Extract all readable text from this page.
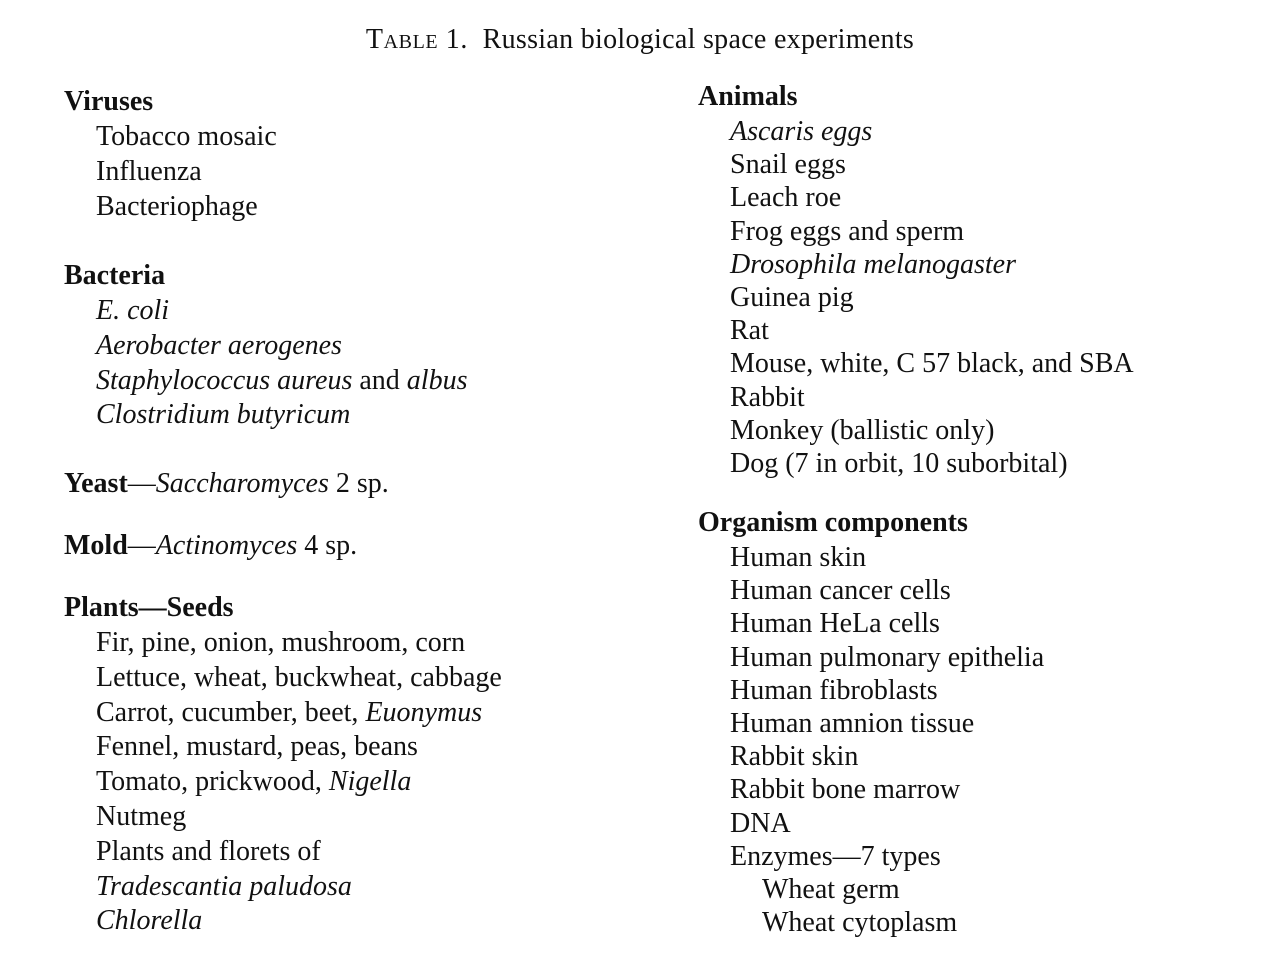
Table 1. Russian biological space experiments
Viruses
Tobacco mosaic
Influenza
Bacteriophage
Bacteria
E. coli
Aerobacter aerogenes
Staphylococcus aureus and albus
Clostridium butyricum
Yeast—Saccharomyces 2 sp.
Mold—Actinomyces 4 sp.
Plants—Seeds
Fir, pine, onion, mushroom, corn
Lettuce, wheat, buckwheat, cabbage
Carrot, cucumber, beet, Euonymus
Fennel, mustard, peas, beans
Tomato, prickwood, Nigella
Nutmeg
Plants and florets of
Tradescantia paludosa
Chlorella
Animals
Ascaris eggs
Snail eggs
Leach roe
Frog eggs and sperm
Drosophila melanogaster
Guinea pig
Rat
Mouse, white, C 57 black, and SBA
Rabbit
Monkey (ballistic only)
Dog (7 in orbit, 10 suborbital)
Organism components
Human skin
Human cancer cells
Human HeLa cells
Human pulmonary epithelia
Human fibroblasts
Human amnion tissue
Rabbit skin
Rabbit bone marrow
DNA
Enzymes—7 types
Wheat germ
Wheat cytoplasm
